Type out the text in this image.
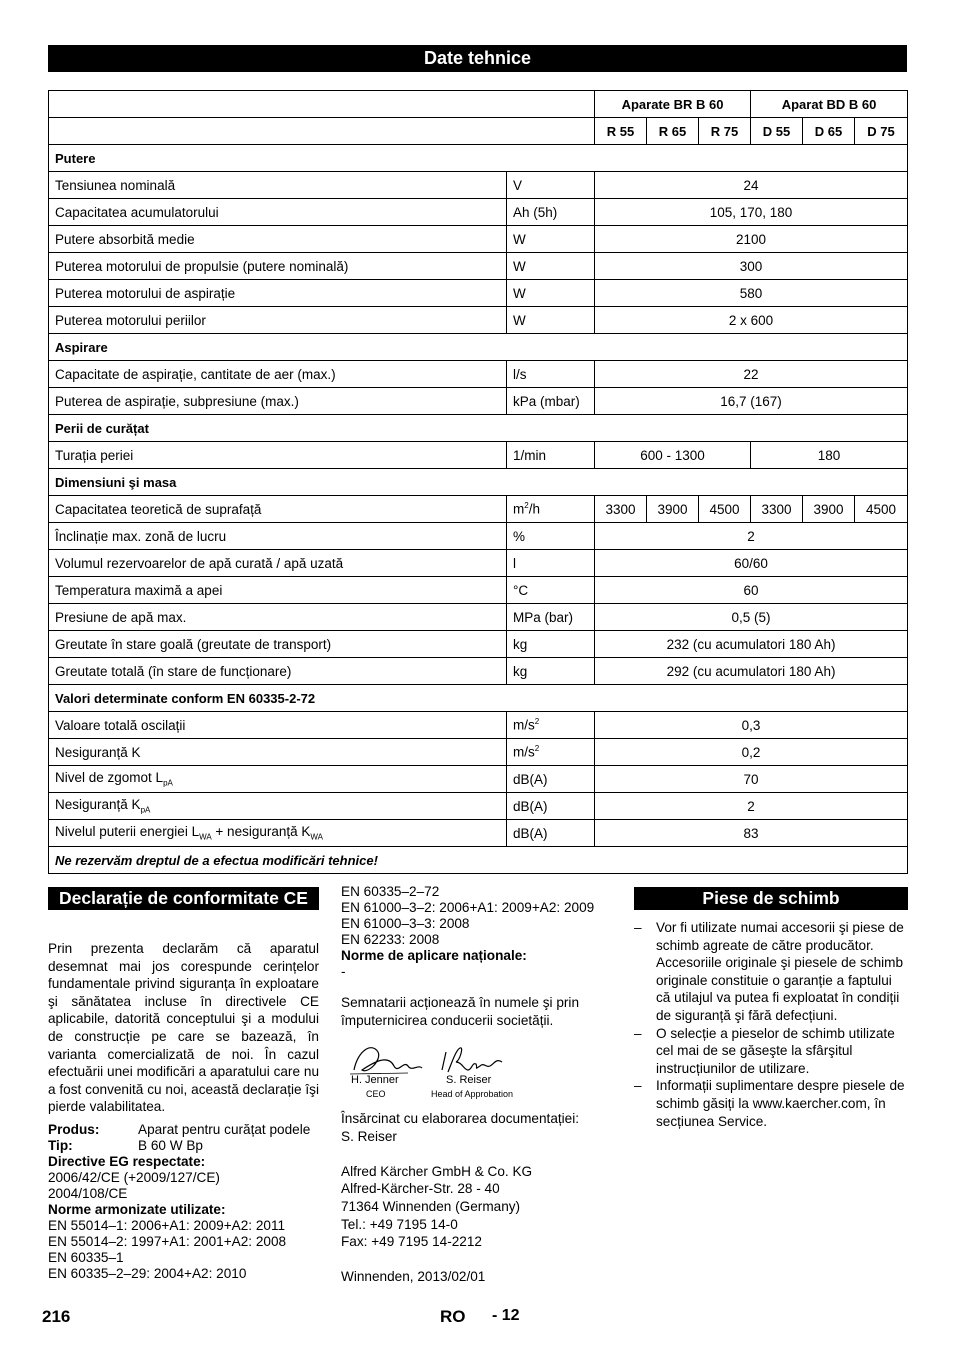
Date tehnice
		Aparate BR B 60			Aparat BD B 60		
		R 55	R 65	R 75	D 55	D 65	D 75
Putere							
Tensiunea nominală	V	24					
Capacitatea acumulatorului	Ah (5h)	105, 170, 180					
Putere absorbită medie	W	2100					
Puterea motorului de propulsie (putere nominală)	W	300					
Puterea motorului de aspirație	W	580					
Puterea motorului periilor	W	2 x 600					
Aspirare							
Capacitate de aspirație, cantitate de aer (max.)	l/s	22					
Puterea de aspirație, subpresiune (max.)	kPa (mbar)	16,7 (167)					
Perii de curățat							
Turația periei	1/min	600 - 1300			180		
Dimensiuni şi masa							
Capacitatea teoretică de suprafață	$m^2/h$	3300	3900	4500	3300	3900	4500
Înclinație max. zonă de lucru	%	2					
Volumul rezervoarelor de apă curată / apă uzată	l	60/60					
Temperatura maximă a apei	°C	60					
Presiune de apă max.	MPa (bar)	0,5 (5)					
Greutate în stare goală (greutate de transport)	kg	232 (cu acumulatori 180 Ah)					
Greutate totală (în stare de funcționare)	kg	292 (cu acumulatori 180 Ah)					
Valori determinate conform EN 60335-2-72							
Valoare totală oscilații	$m/s^2$	0,3					
Nesiguranță K	$m/s^2$	0,2					
Nivel de zgomot $L_{pA}$	dB(A)	70					
Nesiguranță $K_{pA}$	dB(A)	2					
Nivelul puterii energiei $L_{WA}$ + nesiguranță $K_{WA}$	dB(A)	83					
Ne rezervăm dreptul de a efectua modificări tehnice!							
Declarație de conformitate CE
Prin prezenta declarăm că aparatul desemnat mai jos corespunde cerințelor fundamentale privind siguranța în exploatare şi sănătatea incluse în directivele CE aplicabile, datorită conceptului şi a modului de construcție pe care se bazează, în varianta comercializată de noi. În cazul efectuării unei modificări a aparatului care nu a fost convenită cu noi, această declarație îşi pierde valabilitatea.
Produs:	Aparat pentru curățat podele
Tip:	B 60 W Bp
Directive EG respectate:
2006/42/CE (+2009/127/CE)
2004/108/CE
Norme armonizate utilizate:
EN 55014–1: 2006+A1: 2009+A2: 2011
EN 55014–2: 1997+A1: 2001+A2: 2008
EN 60335–1
EN 60335–2–29: 2004+A2: 2010
EN 60335–2–72
EN 61000–3–2: 2006+A1: 2009+A2: 2009
EN 61000–3–3: 2008
EN 62233: 2008
Norme de aplicare naționale:
-
Semnatarii acționează în numele şi prin împuternicirea conducerii societății.
H. Jenner
CEO
S. Reiser
Head of Approbation
Însărcinat cu elaborarea documentației:
S. Reiser
Alfred Kärcher GmbH & Co. KG
Alfred-Kärcher-Str. 28 - 40
71364 Winnenden (Germany)
Tel.: +49 7195 14-0
Fax: +49 7195 14-2212
Winnenden, 2013/02/01
Piese de schimb
– Vor fi utilizate numai accesorii şi piese de schimb agreate de către producător. Accesoriile originale şi piesele de schimb originale constituie o garanție a faptului că utilajul va putea fi exploatat în condiții de siguranță şi fără defecțiuni.
– O selecție a pieselor de schimb utilizate cel mai de se găseşte la sfârşitul instrucțiunilor de utilizare.
– Informații suplimentare despre piesele de schimb găsiți la www.kaercher.com, în secțiunea Service.
216	RO - 12
